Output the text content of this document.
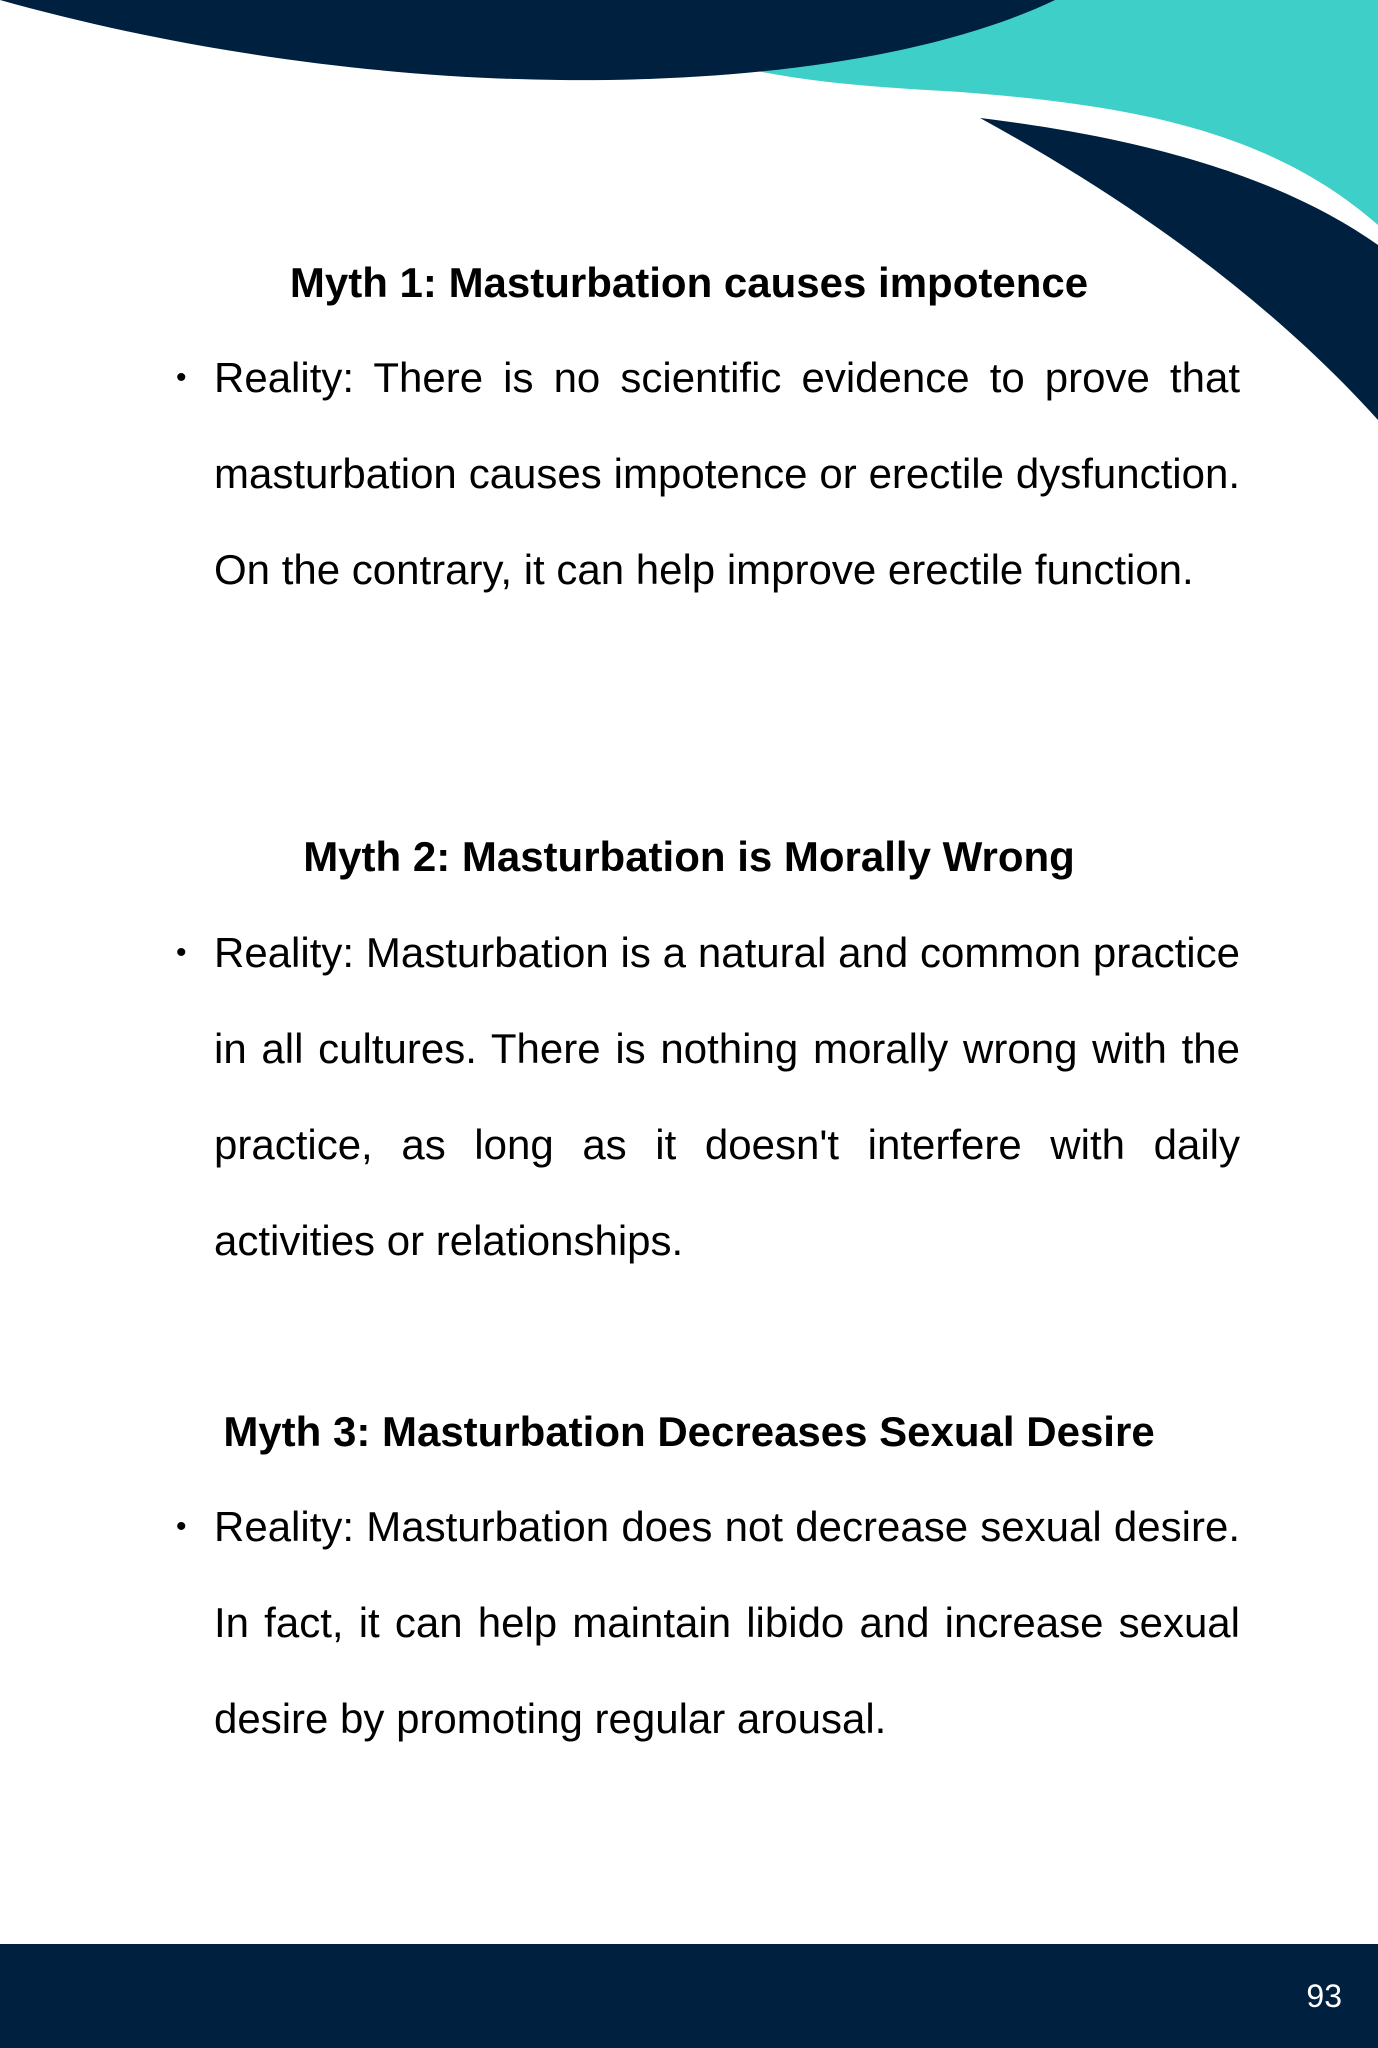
Myth 1: Masturbation causes impotence
• Reality: There is no scientific evidence to prove that masturbation causes impotence or erectile dysfunction. On the contrary, it can help improve erectile function.

Myth 2: Masturbation is Morally Wrong
• Reality: Masturbation is a natural and common practice in all cultures. There is nothing morally wrong with the practice, as long as it doesn't interfere with daily activities or relationships.

Myth 3: Masturbation Decreases Sexual Desire
• Reality: Masturbation does not decrease sexual desire. In fact, it can help maintain libido and increase sexual desire by promoting regular arousal.

93
